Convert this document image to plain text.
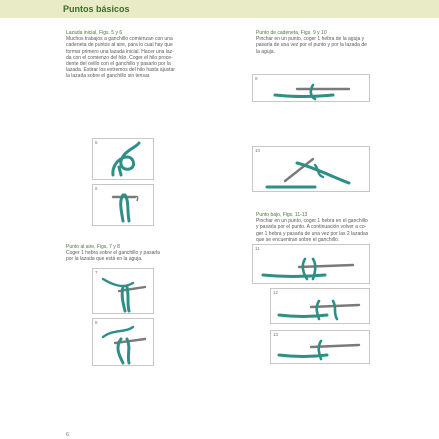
Puntos básicos
Lazada inicial, Figs. 5 y 6
Muchos trabajos a ganchillo comienzan con una
cadeneta de puntos al aire, para lo cual hay que
formar primero una lazada inicial. Hacer una laz-
da con el comienzo del hilo. Coger el hilo proce-
dente del ovillo con el ganchillo y pasarlo por la
lazada. Estirar los extremos del hilo hasta ajustar
la lazada sobre el ganchillo sin tensar.
Punto de cadeneta, Figs. 9 y 10
Pinchar en un punto, coger 1 hebra de la aguja y
pasarla de una vez por el punto y por la lazada de
la aguja.
5
6
Punto al aire, Figs. 7 y 8
Coger 1 hebra sobre el ganchillo y pasarla
por la lazada que está en la aguja.
7
8
9
10
Punto bajo, Figs. 11-13
Pinchar en un punto, coger 1 hebra en el ganchillo
y pasarla por el punto. A continuación volver a co-
ger 1 hebra y pasarla de una vez por las 2 lazadas
que se encuentran sobre el ganchillo.
11
12
13
6
